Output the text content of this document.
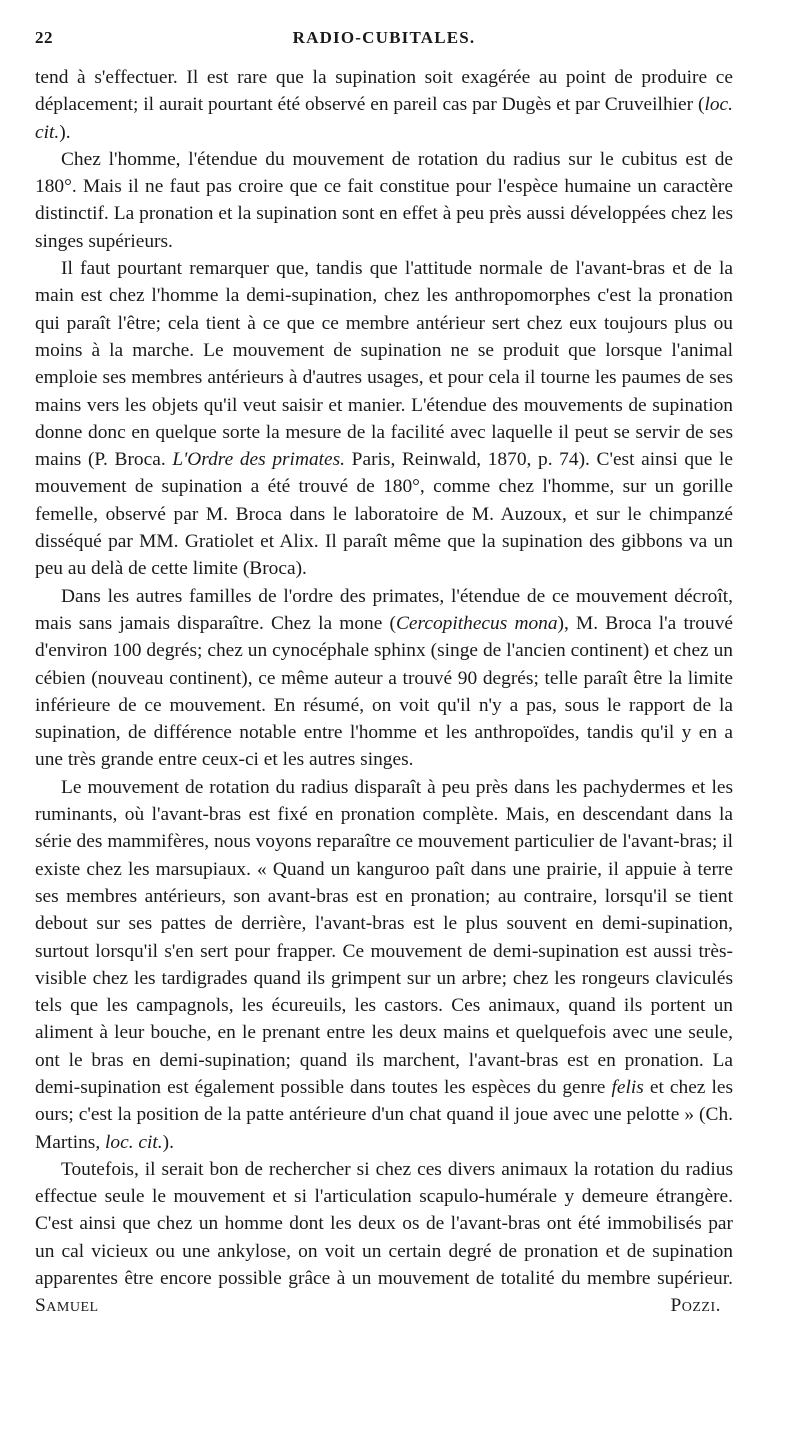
22	RADIO-CUBITALES.

tend à s'effectuer. Il est rare que la supination soit exagérée au point de produire ce déplacement; il aurait pourtant été observé en pareil cas par Dugès et par Cruveilhier (loc. cit.).

Chez l'homme, l'étendue du mouvement de rotation du radius sur le cubitus est de 180°. Mais il ne faut pas croire que ce fait constitue pour l'espèce humaine un caractère distinctif. La pronation et la supination sont en effet à peu près aussi développées chez les singes supérieurs.

Il faut pourtant remarquer que, tandis que l'attitude normale de l'avant-bras et de la main est chez l'homme la demi-supination, chez les anthropomorphes c'est la pronation qui paraît l'être; cela tient à ce que ce membre antérieur sert chez eux toujours plus ou moins à la marche. Le mouvement de supination ne se produit que lorsque l'animal emploie ses membres antérieurs à d'autres usages, et pour cela il tourne les paumes de ses mains vers les objets qu'il veut saisir et manier. L'étendue des mouvements de supination donne donc en quelque sorte la mesure de la facilité avec laquelle il peut se servir de ses mains (P. Broca. L'Ordre des primates. Paris, Reinwald, 1870, p. 74). C'est ainsi que le mouvement de supination a été trouvé de 180°, comme chez l'homme, sur un gorille femelle, observé par M. Broca dans le laboratoire de M. Auzoux, et sur le chimpanzé disséqué par MM. Gratiolet et Alix. Il paraît même que la supination des gibbons va un peu au delà de cette limite (Broca).

Dans les autres familles de l'ordre des primates, l'étendue de ce mouvement décroît, mais sans jamais disparaître. Chez la mone (Cercopithecus mona), M. Broca l'a trouvé d'environ 100 degrés; chez un cynocéphale sphinx (singe de l'ancien continent) et chez un cébien (nouveau continent), ce même auteur a trouvé 90 degrés; telle paraît être la limite inférieure de ce mouvement. En résumé, on voit qu'il n'y a pas, sous le rapport de la supination, de différence notable entre l'homme et les anthropoïdes, tandis qu'il y en a une très grande entre ceux-ci et les autres singes.

Le mouvement de rotation du radius disparaît à peu près dans les pachydermes et les ruminants, où l'avant-bras est fixé en pronation complète. Mais, en descendant dans la série des mammifères, nous voyons reparaître ce mouvement particulier de l'avant-bras; il existe chez les marsupiaux. « Quand un kanguroo paît dans une prairie, il appuie à terre ses membres antérieurs, son avant-bras est en pronation; au contraire, lorsqu'il se tient debout sur ses pattes de derrière, l'avant-bras est le plus souvent en demi-supination, surtout lorsqu'il s'en sert pour frapper. Ce mouvement de demi-supination est aussi très-visible chez les tardigrades quand ils grimpent sur un arbre; chez les rongeurs claviculés tels que les campagnols, les écureuils, les castors. Ces animaux, quand ils portent un aliment à leur bouche, en le prenant entre les deux mains et quelquefois avec une seule, ont le bras en demi-supination; quand ils marchent, l'avant-bras est en pronation. La demi-supination est également possible dans toutes les espèces du genre felis et chez les ours; c'est la position de la patte antérieure d'un chat quand il joue avec une pelotte » (Ch. Martins, loc. cit.).

Toutefois, il serait bon de rechercher si chez ces divers animaux la rotation du radius effectue seule le mouvement et si l'articulation scapulo-humérale y demeure étrangère. C'est ainsi que chez un homme dont les deux os de l'avant-bras ont été immobilisés par un cal vicieux ou une ankylose, on voit un certain degré de pronation et de supination apparentes être encore possible grâce à un mouvement de totalité du membre supérieur. Samuel Pozzi.
